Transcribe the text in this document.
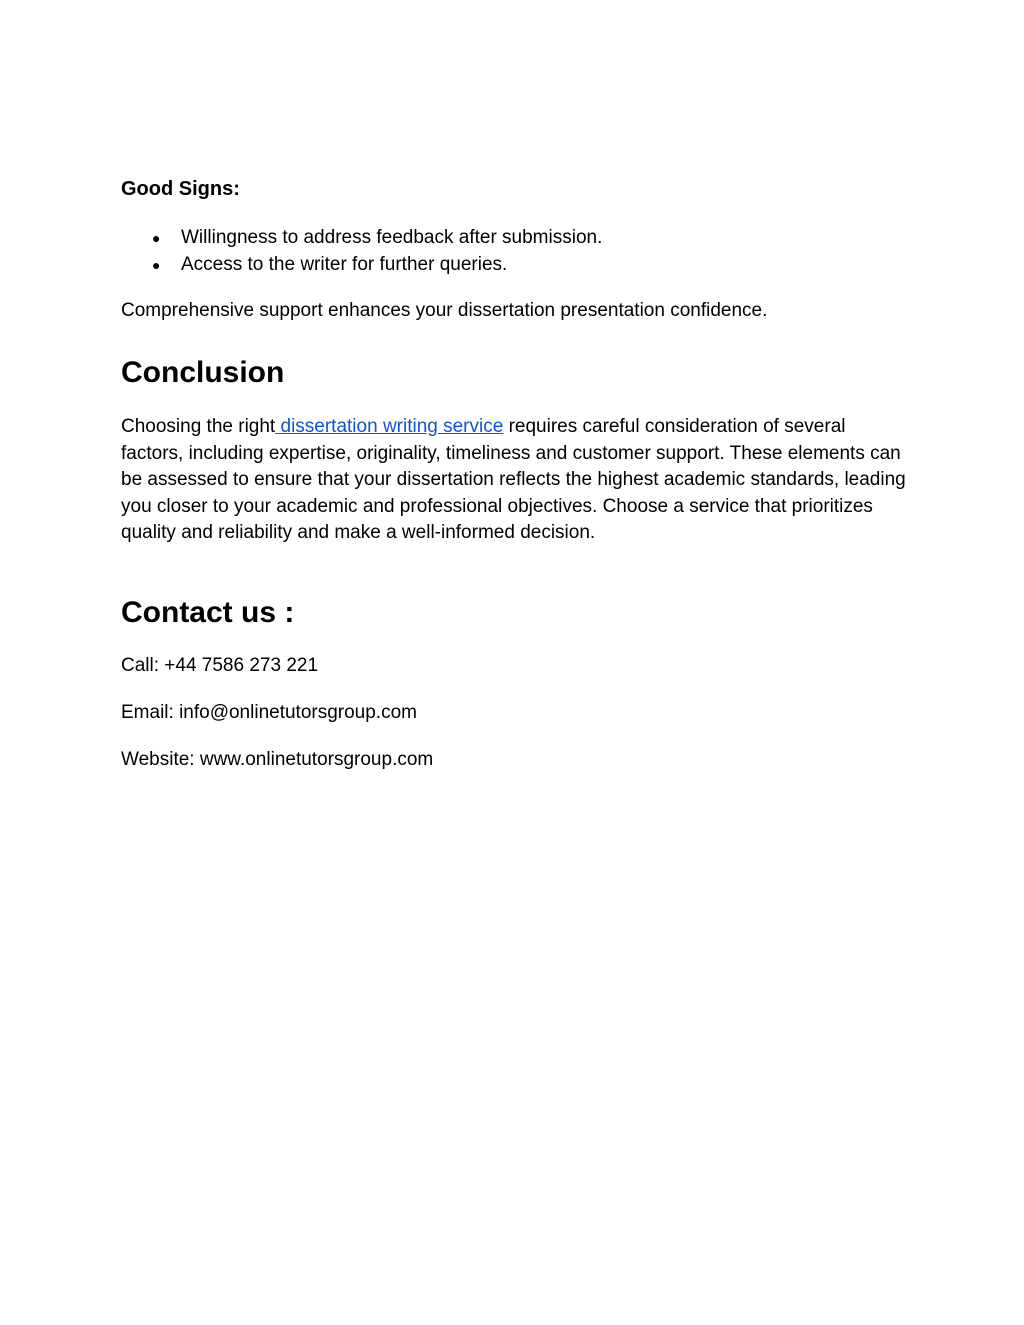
Good Signs:
● Willingness to address feedback after submission.
● Access to the writer for further queries.

Comprehensive support enhances your dissertation presentation confidence.

Conclusion

Choosing the right dissertation writing service requires careful consideration of several factors, including expertise, originality, timeliness and customer support. These elements can be assessed to ensure that your dissertation reflects the highest academic standards, leading you closer to your academic and professional objectives. Choose a service that prioritizes quality and reliability and make a well-informed decision.

Contact us :

Call: +44 7586 273 221

Email: info@onlinetutorsgroup.com

Website: www.onlinetutorsgroup.com
